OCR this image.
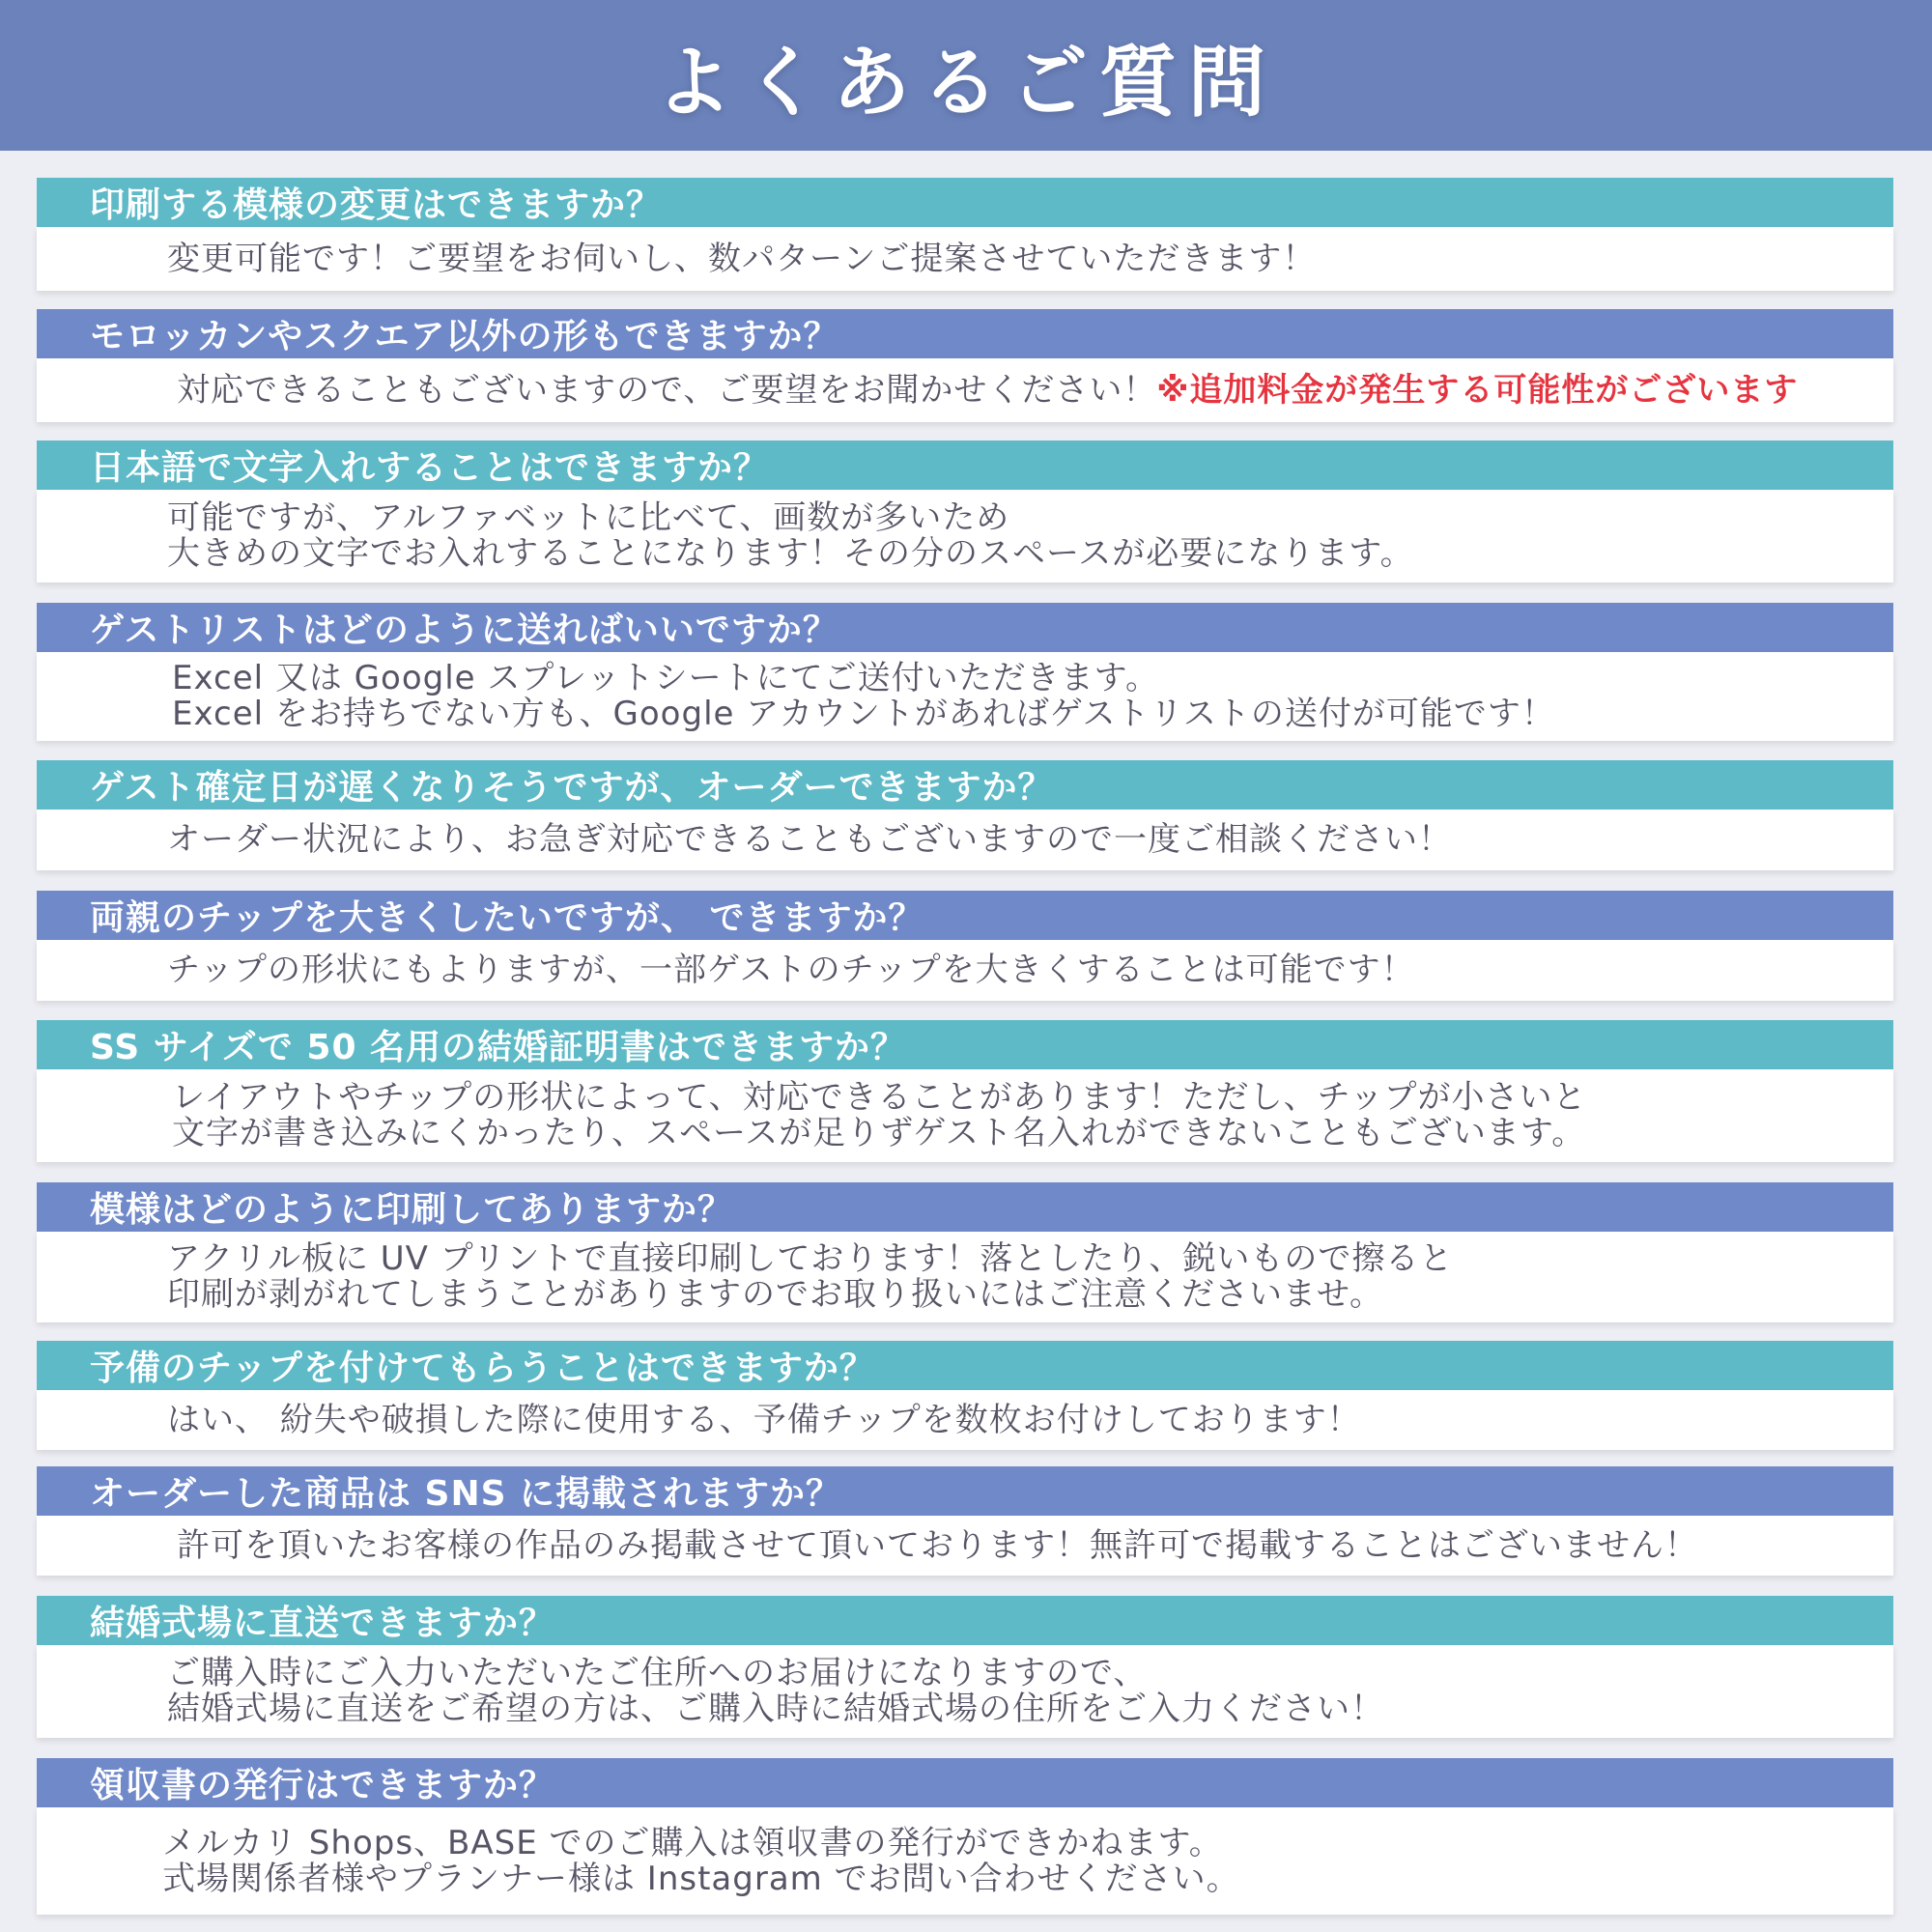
よくあるご質問
印刷する模様の変更はできますか？
変更可能です！ご要望をお伺いし、数パターンご提案させていただきます！
モロッカンやスクエア以外の形もできますか？
対応できることもございますので、ご要望をお聞かせください！※追加料金が発生する可能性がございます
日本語で文字入れすることはできますか？
可能ですが、アルファベットに比べて、画数が多いため
大きめの文字でお入れすることになります！その分のスペースが必要になります。
ゲストリストはどのように送ればいいですか？
Excel 又は Google スプレットシートにてご送付いただきます。
Excel をお持ちでない方も、Google アカウントがあればゲストリストの送付が可能です！
ゲスト確定日が遅くなりそうですが、オーダーできますか？
オーダー状況により、お急ぎ対応できることもございますので一度ご相談ください！
両親のチップを大きくしたいですが、 できますか？
チップの形状にもよりますが、一部ゲストのチップを大きくすることは可能です！
SS サイズで 50 名用の結婚証明書はできますか？
レイアウトやチップの形状によって、対応できることがあります！ただし、チップが小さいと
文字が書き込みにくかったり、スペースが足りずゲスト名入れができないこともございます。
模様はどのように印刷してありますか？
アクリル板に UV プリントで直接印刷しております！落としたり、鋭いもので擦ると
印刷が剥がれてしまうことがありますのでお取り扱いにはご注意くださいませ。
予備のチップを付けてもらうことはできますか？
はい、 紛失や破損した際に使用する、予備チップを数枚お付けしております！
オーダーした商品は SNS に掲載されますか？
許可を頂いたお客様の作品のみ掲載させて頂いております！無許可で掲載することはございません！
結婚式場に直送できますか？
ご購入時にご入力いただいたご住所へのお届けになりますので、
結婚式場に直送をご希望の方は、ご購入時に結婚式場の住所をご入力ください！
領収書の発行はできますか？
メルカリ Shops、BASE でのご購入は領収書の発行ができかねます。
式場関係者様やプランナー様は Instagram でお問い合わせください。
